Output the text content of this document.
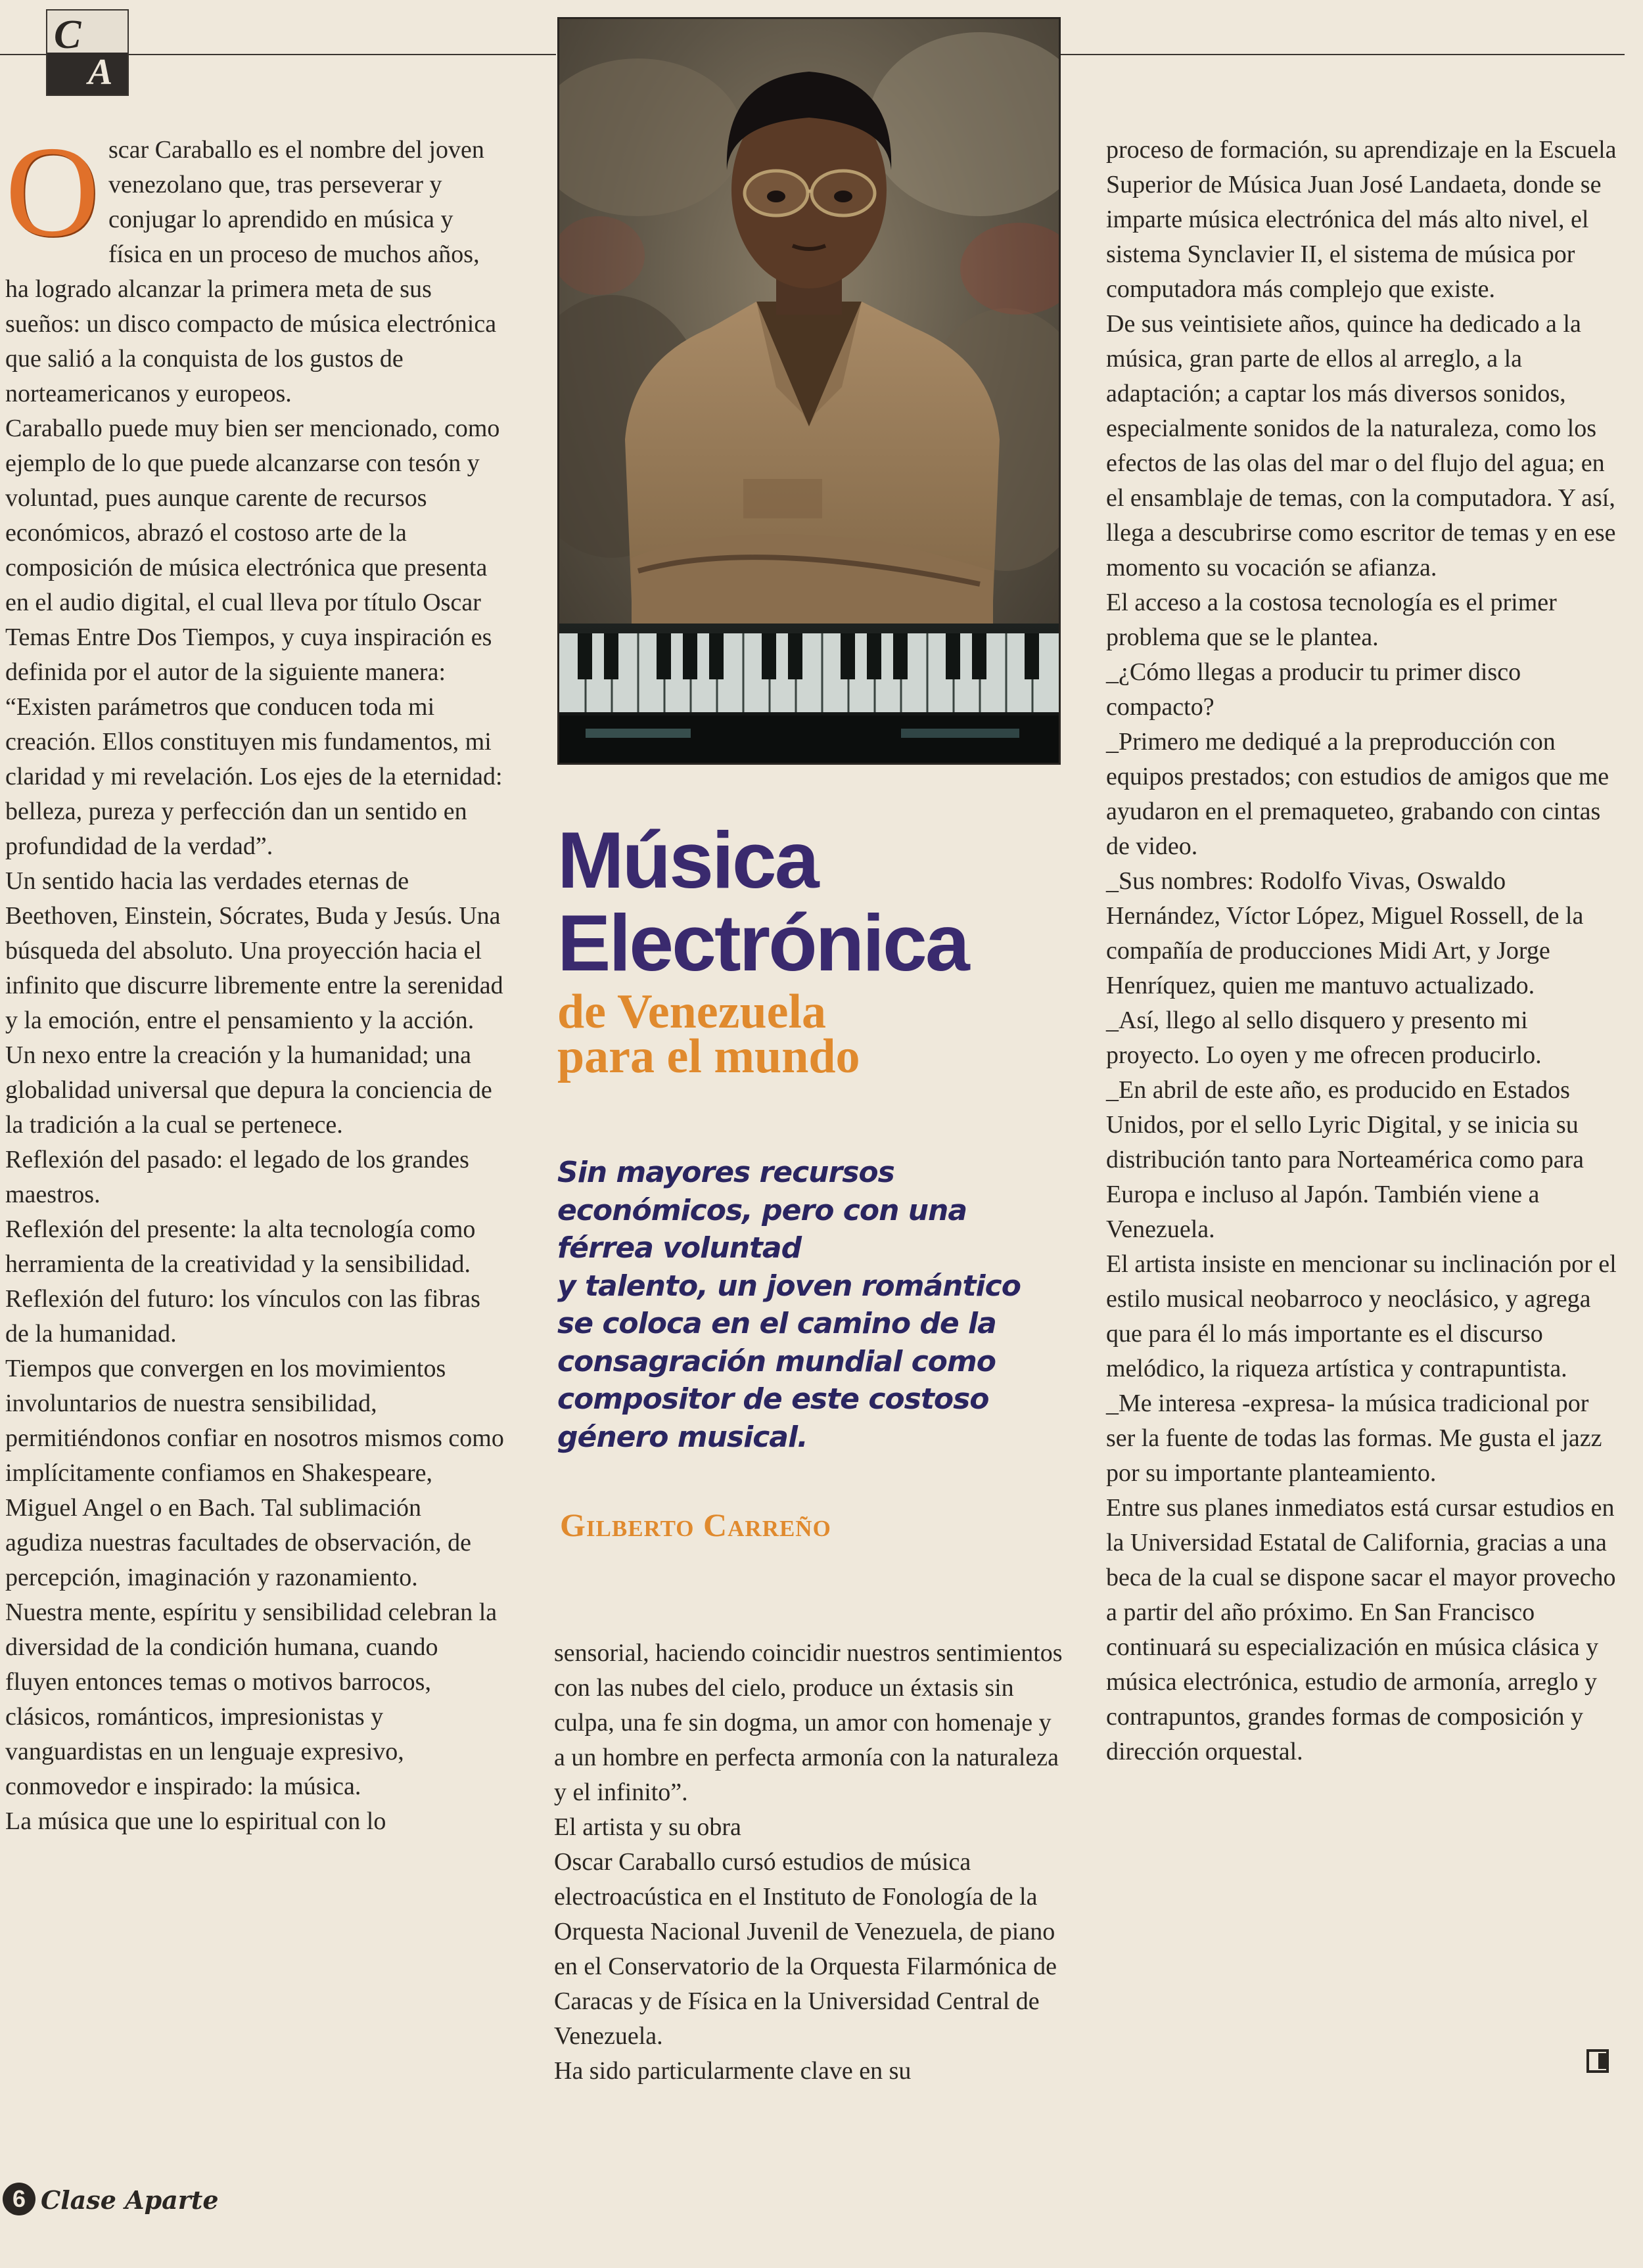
C
A

Oscar Caraballo es el nombre del joven venezolano que, tras perseverar y conjugar lo aprendido en música y física en un proceso de muchos años, ha logrado alcanzar la primera meta de sus sueños: un disco compacto de música electrónica que salió a la conquista de los gustos de norteamericanos y europeos.

Caraballo puede muy bien ser mencionado, como ejemplo de lo que puede alcanzarse con tesón y voluntad, pues aunque carente de recursos económicos, abrazó el costoso arte de la composición de música electrónica que presenta en el audio digital, el cual lleva por título Oscar Temas Entre Dos Tiempos, y cuya inspiración es definida por el autor de la siguiente manera:

“Existen parámetros que conducen toda mi creación. Ellos constituyen mis fundamentos, mi claridad y mi revelación. Los ejes de la eternidad: belleza, pureza y perfección dan un sentido en profundidad de la verdad”.

Un sentido hacia las verdades eternas de Beethoven, Einstein, Sócrates, Buda y Jesús. Una búsqueda del absoluto. Una proyección hacia el infinito que discurre libremente entre la serenidad y la emoción, entre el pensamiento y la acción. Un nexo entre la creación y la humanidad; una globalidad universal que depura la conciencia de la tradición a la cual se pertenece.

Reflexión del pasado: el legado de los grandes maestros.

Reflexión del presente: la alta tecnología como herramienta de la creatividad y la sensibilidad.

Reflexión del futuro: los vínculos con las fibras de la humanidad.

Tiempos que convergen en los movimientos involuntarios de nuestra sensibilidad, permitiéndonos confiar en nosotros mismos como implícitamente confiamos en Shakespeare, Miguel Angel o en Bach. Tal sublimación agudiza nuestras facultades de observación, de percepción, imaginación y razonamiento.

Nuestra mente, espíritu y sensibilidad celebran la diversidad de la condición humana, cuando fluyen entonces temas o motivos barrocos, clásicos, románticos, impresionistas y vanguardistas en un lenguaje expresivo, conmovedor e inspirado: la música.

La música que une lo espiritual con lo

Música
Electrónica
de Venezuela
para el mundo
Sin mayores recursos
económicos, pero con una
férrea voluntad
y talento, un joven romántico
se coloca en el camino de la
consagración mundial como
compositor de este costoso
género musical.
Gilberto Carreño

sensorial, haciendo coincidir nuestros sentimientos con las nubes del cielo, produce un éxtasis sin culpa, una fe sin dogma, un amor con homenaje y a un hombre en perfecta armonía con la naturaleza y el infinito”.

El artista y su obra

Oscar Caraballo cursó estudios de música electroacústica en el Instituto de Fonología de la Orquesta Nacional Juvenil de Venezuela, de piano en el Conservatorio de la Orquesta Filarmónica de Caracas y de Física en la Universidad Central de Venezuela.

Ha sido particularmente clave en su

proceso de formación, su aprendizaje en la Escuela Superior de Música Juan José Landaeta, donde se imparte música electrónica del más alto nivel, el sistema Synclavier II, el sistema de música por computadora más complejo que existe.

De sus veintisiete años, quince ha dedicado a la música, gran parte de ellos al arreglo, a la adaptación; a captar los más diversos sonidos, especialmente sonidos de la naturaleza, como los efectos de las olas del mar o del flujo del agua; en el ensamblaje de temas, con la computadora. Y así, llega a descubrirse como escritor de temas y en ese momento su vocación se afianza.

El acceso a la costosa tecnología es el primer problema que se le plantea.

_¿Cómo llegas a producir tu primer disco compacto?

_Primero me dediqué a la preproducción con equipos prestados; con estudios de amigos que me ayudaron en el premaqueteo, grabando con cintas de video.

_Sus nombres: Rodolfo Vivas, Oswaldo Hernández, Víctor López, Miguel Rossell, de la compañía de producciones Midi Art, y Jorge Henríquez, quien me mantuvo actualizado.

_Así, llego al sello disquero y presento mi proyecto. Lo oyen y me ofrecen producirlo.

_En abril de este año, es producido en Estados Unidos, por el sello Lyric Digital, y se inicia su distribución tanto para Norteamérica como para Europa e incluso al Japón. También viene a Venezuela.

El artista insiste en mencionar su inclinación por el estilo musical neobarroco y neoclásico, y agrega que para él lo más importante es el discurso melódico, la riqueza artística y contrapuntista.

_Me interesa -expresa- la música tradicional por ser la fuente de todas las formas. Me gusta el jazz por su importante planteamiento.

Entre sus planes inmediatos está cursar estudios en la Universidad Estatal de California, gracias a una beca de la cual se dispone sacar el mayor provecho a partir del año próximo. En San Francisco continuará su especialización en música clásica y música electrónica, estudio de armonía, arreglo y contrapuntos, grandes formas de composición y dirección orquestal.

6 Clase Aparte
